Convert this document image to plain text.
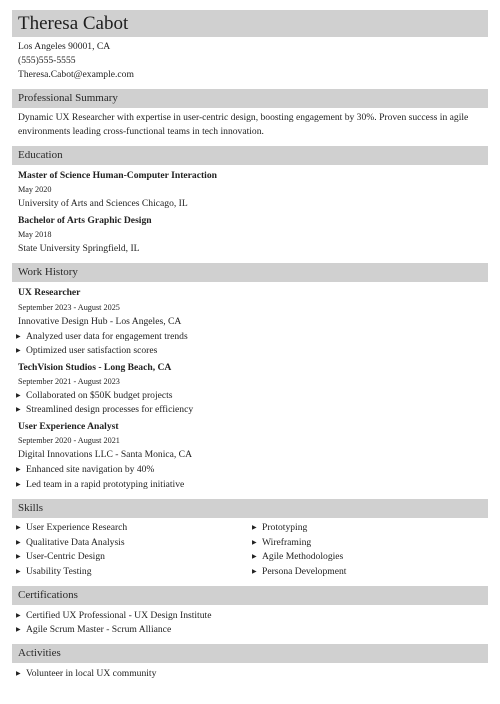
Theresa Cabot
Los Angeles 90001, CA
(555)555-5555
Theresa.Cabot@example.com
Professional Summary
Dynamic UX Researcher with expertise in user-centric design, boosting engagement by 30%. Proven success in agile environments leading cross-functional teams in tech innovation.
Education
Master of Science Human-Computer Interaction
May 2020
University of Arts and Sciences Chicago, IL
Bachelor of Arts Graphic Design
May 2018
State University Springfield, IL
Work History
UX Researcher
September 2023 - August 2025
Innovative Design Hub - Los Angeles, CA
▶ Analyzed user data for engagement trends
▶ Optimized user satisfaction scores
TechVision Studios - Long Beach, CA
September 2021 - August 2023
▶ Collaborated on $50K budget projects
▶ Streamlined design processes for efficiency
User Experience Analyst
September 2020 - August 2021
Digital Innovations LLC - Santa Monica, CA
▶ Enhanced site navigation by 40%
▶ Led team in a rapid prototyping initiative
Skills
▶ User Experience Research
▶ Qualitative Data Analysis
▶ User-Centric Design
▶ Usability Testing
▶ Prototyping
▶ Wireframing
▶ Agile Methodologies
▶ Persona Development
Certifications
▶ Certified UX Professional - UX Design Institute
▶ Agile Scrum Master - Scrum Alliance
Activities
▶ Volunteer in local UX community
